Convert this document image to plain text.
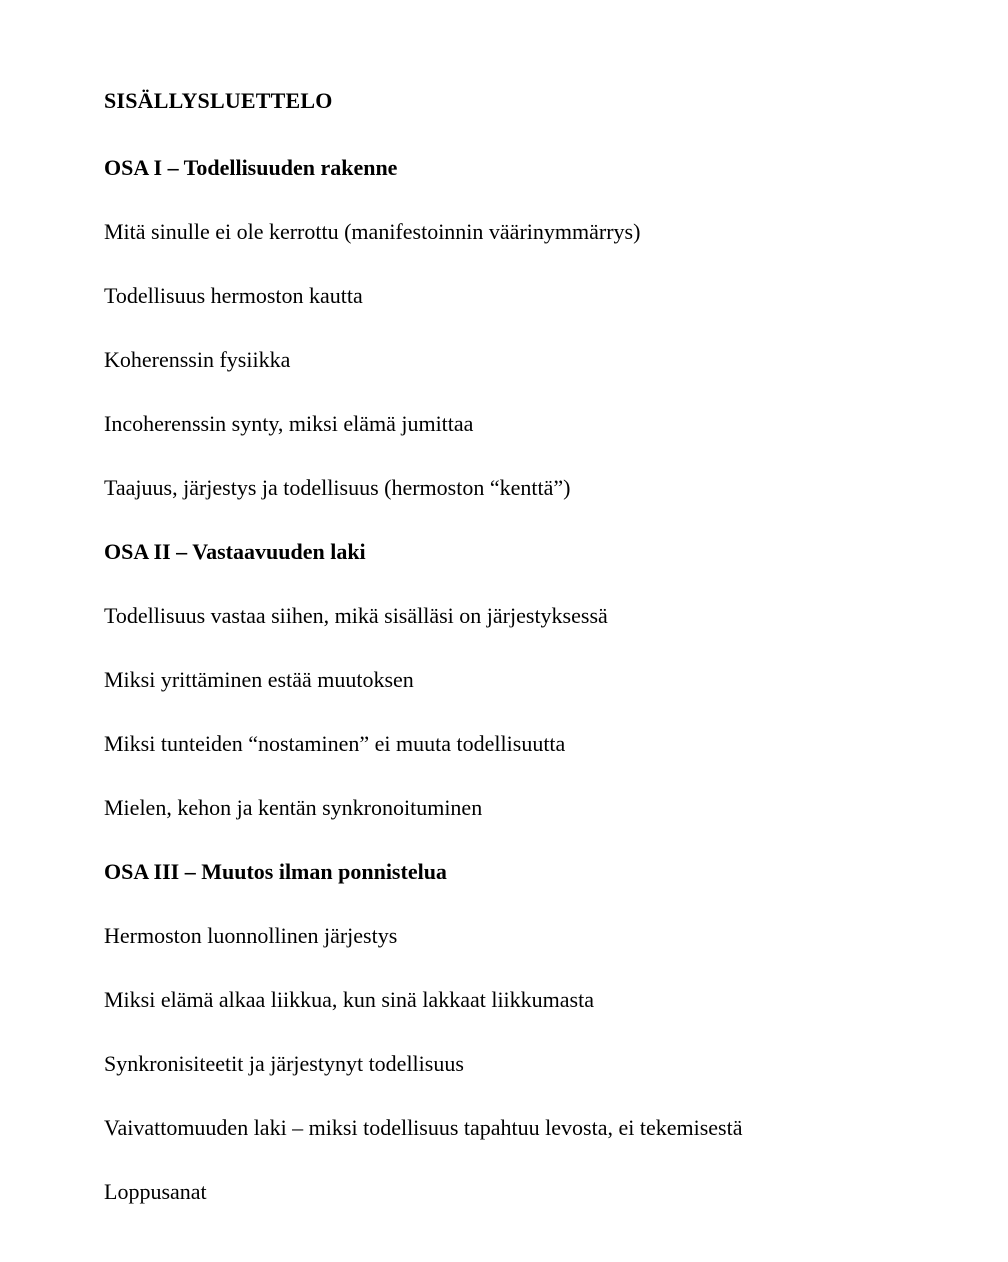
SISÄLLYSLUETTELO
OSA I – Todellisuuden rakenne

Mitä sinulle ei ole kerrottu (manifestoinnin väärinymmärrys)

Todellisuus hermoston kautta

Koherenssin fysiikka

Incoherenssin synty, miksi elämä jumittaa

Taajuus, järjestys ja todellisuus (hermoston “kenttä”)

OSA II – Vastaavuuden laki

Todellisuus vastaa siihen, mikä sisälläsi on järjestyksessä

Miksi yrittäminen estää muutoksen

Miksi tunteiden “nostaminen” ei muuta todellisuutta

Mielen, kehon ja kentän synkronoituminen

OSA III – Muutos ilman ponnistelua

Hermoston luonnollinen järjestys

Miksi elämä alkaa liikkua, kun sinä lakkaat liikkumasta

Synkronisiteetit ja järjestynyt todellisuus

Vaivattomuuden laki – miksi todellisuus tapahtuu levosta, ei tekemisestä

Loppusanat
